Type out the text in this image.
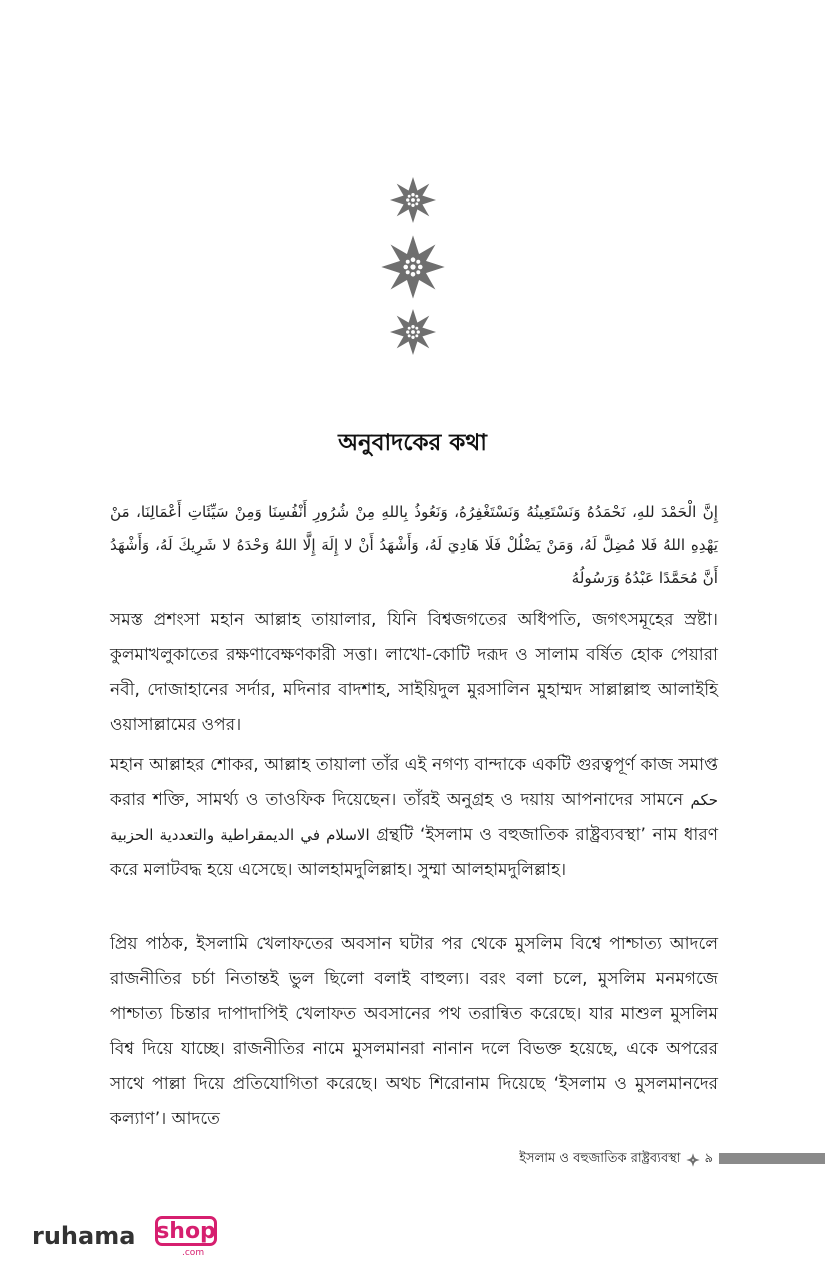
অনুবাদকের কথা
إِنَّ الْحَمْدَ للهِ، نَحْمَدُهُ وَنَسْتَعِينُهُ وَنَسْتَغْفِرُهُ، وَنَعُوذُ بِاللهِ مِنْ شُرُورِ أَنْفُسِنَا وَمِنْ سَيِّئَاتِ أَعْمَالِنَا، مَنْ يَهْدِهِ اللهُ فَلا مُضِلَّ لَهُ، وَمَنْ يَضْلُلْ فَلَا هَادِيَ لَهُ، وَأَشْهَدُ أَنْ لا إِلَهَ إِلَّا اللهُ وَحْدَهُ لا شَرِيكَ لَهُ، وَأَشْهَدُ أَنَّ مُحَمَّدًا عَبْدُهُ وَرَسُولُهُ

সমস্ত প্রশংসা মহান আল্লাহ তায়ালার, যিনি বিশ্বজগতের অধিপতি, জগৎসমূহের স্রষ্টা। কুলমাখলুকাতের রক্ষণাবেক্ষণকারী সত্তা। লাখো-কোটি দরূদ ও সালাম বর্ষিত হোক পেয়ারা নবী, দোজাহানের সর্দার, মদিনার বাদশাহ, সাইয়িদুল মুরসালিন মুহাম্মদ সাল্লাল্লাহু আলাইহি ওয়াসাল্লামের ওপর।

মহান আল্লাহর শোকর, আল্লাহ তায়ালা তাঁর এই নগণ্য বান্দাকে একটি গুরত্বপূর্ণ কাজ সমাপ্ত করার শক্তি, সামর্থ্য ও তাওফিক দিয়েছেন। তাঁরই অনুগ্রহ ও দয়ায় আপনাদের সামনে حكم الاسلام في الديمقراطية والتعددية الحزبية গ্রন্থটি ‘ইসলাম ও বহুজাতিক রাষ্ট্রব্যবস্থা’ নাম ধারণ করে মলাটবদ্ধ হয়ে এসেছে। আলহামদুলিল্লাহ। সুম্মা আলহামদুলিল্লাহ।

প্রিয় পাঠক, ইসলামি খেলাফতের অবসান ঘটার পর থেকে মুসলিম বিশ্বে পাশ্চাত্য আদলে রাজনীতির চর্চা নিতান্তই ভুল ছিলো বলাই বাহুল্য। বরং বলা চলে, মুসলিম মনমগজে পাশ্চাত্য চিন্তার দাপাদাপিই খেলাফত অবসানের পথ তরান্বিত করেছে। যার মাশুল মুসলিম বিশ্ব দিয়ে যাচ্ছে। রাজনীতির নামে মুসলমানরা নানান দলে বিভক্ত হয়েছে, একে অপরের সাথে পাল্লা দিয়ে প্রতিযোগিতা করেছে। অথচ শিরোনাম দিয়েছে ‘ইসলাম ও মুসলমানদের কল্যাণ’। আদতে

ইসলাম ও বহুজাতিক রাষ্ট্রব্যবস্থা ৯
ruhama shop
.com
